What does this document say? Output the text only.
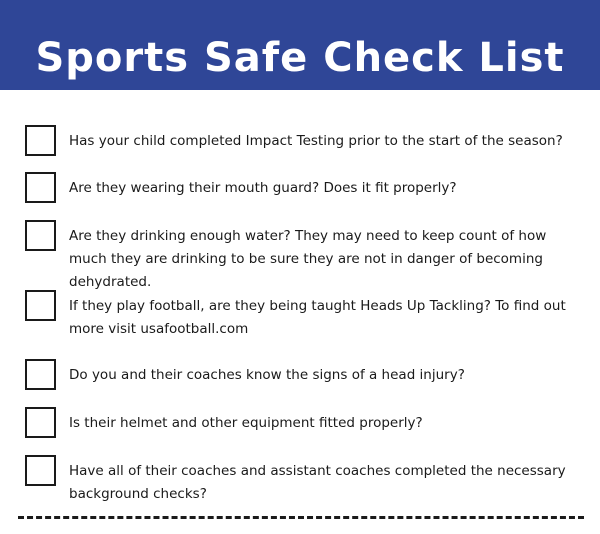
Sports Safe Check List
Has your child completed Impact Testing prior to the start of the season?
Are they wearing their mouth guard? Does it fit properly?
Are they drinking enough water? They may need to keep count of how much they are drinking to be sure they are not in danger of becoming dehydrated.
If they play football, are they being taught Heads Up Tackling? To find out more visit usafootball.com
Do you and their coaches know the signs of a head injury?
Is their helmet and other equipment fitted properly?
Have all of their coaches and assistant coaches completed the necessary background checks?
